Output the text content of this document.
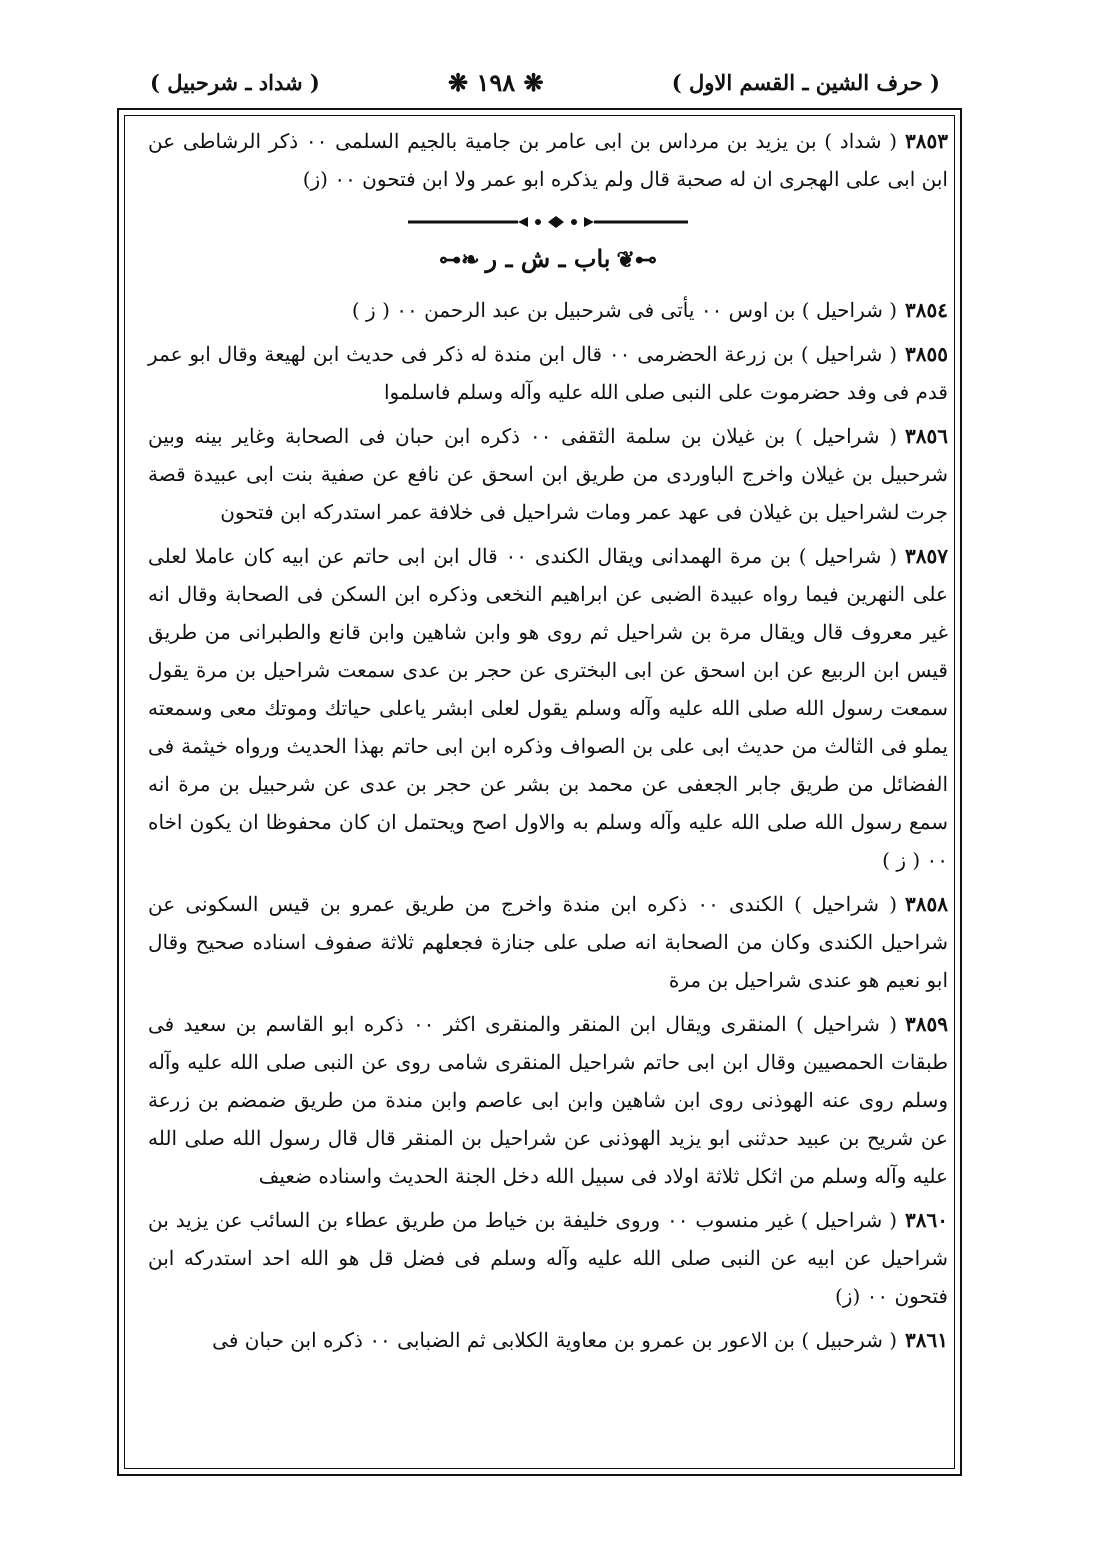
( حرف الشين ـ القسم الاول )
❋ ١٩٨ ❋
( شداد ـ شرحبيل )

٣٨٥٣( شداد ) بن يزيد بن مرداس بن ابى عامر بن جامية بالجيم السلمى ٠٠ ذكر الرشاطى عن ابن ابى على الهجرى ان له صحبة قال ولم يذكره ابو عمر ولا ابن فتحون ٠٠ (ز)

⊶❦باب ـ ش ـ ر❧⊷

٣٨٥٤( شراحيل ) بن اوس ٠٠ يأتى فى شرحبيل بن عبد الرحمن ٠٠ ( ز )

٣٨٥٥( شراحيل ) بن زرعة الحضرمى ٠٠ قال ابن مندة له ذكر فى حديث ابن لهيعة وقال ابو عمر قدم فى وفد حضرموت على النبى صلى الله عليه وآله وسلم فاسلموا

٣٨٥٦( شراحيل ) بن غيلان بن سلمة الثقفى ٠٠ ذكره ابن حبان فى الصحابة وغاير بينه وبين شرحبيل بن غيلان واخرج الباوردى من طريق ابن اسحق عن نافع عن صفية بنت ابى عبيدة قصة جرت لشراحيل بن غيلان فى عهد عمر ومات شراحيل فى خلافة عمر استدركه ابن فتحون

٣٨٥٧( شراحيل ) بن مرة الهمدانى ويقال الكندى ٠٠ قال ابن ابى حاتم عن ابيه كان عاملا لعلى على النهرين فيما رواه عبيدة الضبى عن ابراهيم النخعى وذكره ابن السكن فى الصحابة وقال انه غير معروف قال ويقال مرة بن شراحيل ثم روى هو وابن شاهين وابن قانع والطبرانى من طريق قيس ابن الربيع عن ابن اسحق عن ابى البخترى عن حجر بن عدى سمعت شراحيل بن مرة يقول سمعت رسول الله صلى الله عليه وآله وسلم يقول لعلى ابشر ياعلى حياتك وموتك معى وسمعته يملو فى الثالث من حديث ابى على بن الصواف وذكره ابن ابى حاتم بهذا الحديث ورواه خيثمة فى الفضائل من طريق جابر الجعفى عن محمد بن بشر عن حجر بن عدى عن شرحبيل بن مرة انه سمع رسول الله صلى الله عليه وآله وسلم به والاول اصح ويحتمل ان كان محفوظا ان يكون اخاه ٠٠ ( ز )

٣٨٥٨( شراحيل ) الكندى ٠٠ ذكره ابن مندة واخرج من طريق عمرو بن قيس السكونى عن شراحيل الكندى وكان من الصحابة انه صلى على جنازة فجعلهم ثلاثة صفوف اسناده صحيح وقال ابو نعيم هو عندى شراحيل بن مرة

٣٨٥٩( شراحيل ) المنقرى ويقال ابن المنقر والمنقرى اكثر ٠٠ ذكره ابو القاسم بن سعيد فى طبقات الحمصيين وقال ابن ابى حاتم شراحيل المنقرى شامى روى عن النبى صلى الله عليه وآله وسلم روى عنه الهوذنى روى ابن شاهين وابن ابى عاصم وابن مندة من طريق ضمضم بن زرعة عن شريح بن عبيد حدثنى ابو يزيد الهوذنى عن شراحيل بن المنقر قال قال رسول الله صلى الله عليه وآله وسلم من اثكل ثلاثة اولاد فى سبيل الله دخل الجنة الحديث واسناده ضعيف

٣٨٦٠( شراحيل ) غير منسوب ٠٠ وروى خليفة بن خياط من طريق عطاء بن السائب عن يزيد بن شراحيل عن ابيه عن النبى صلى الله عليه وآله وسلم فى فضل قل هو الله احد استدركه ابن فتحون ٠٠ (ز)

٣٨٦١( شرحبيل ) بن الاعور بن عمرو بن معاوية الكلابى ثم الضبابى ٠٠ ذكره ابن حبان فى
